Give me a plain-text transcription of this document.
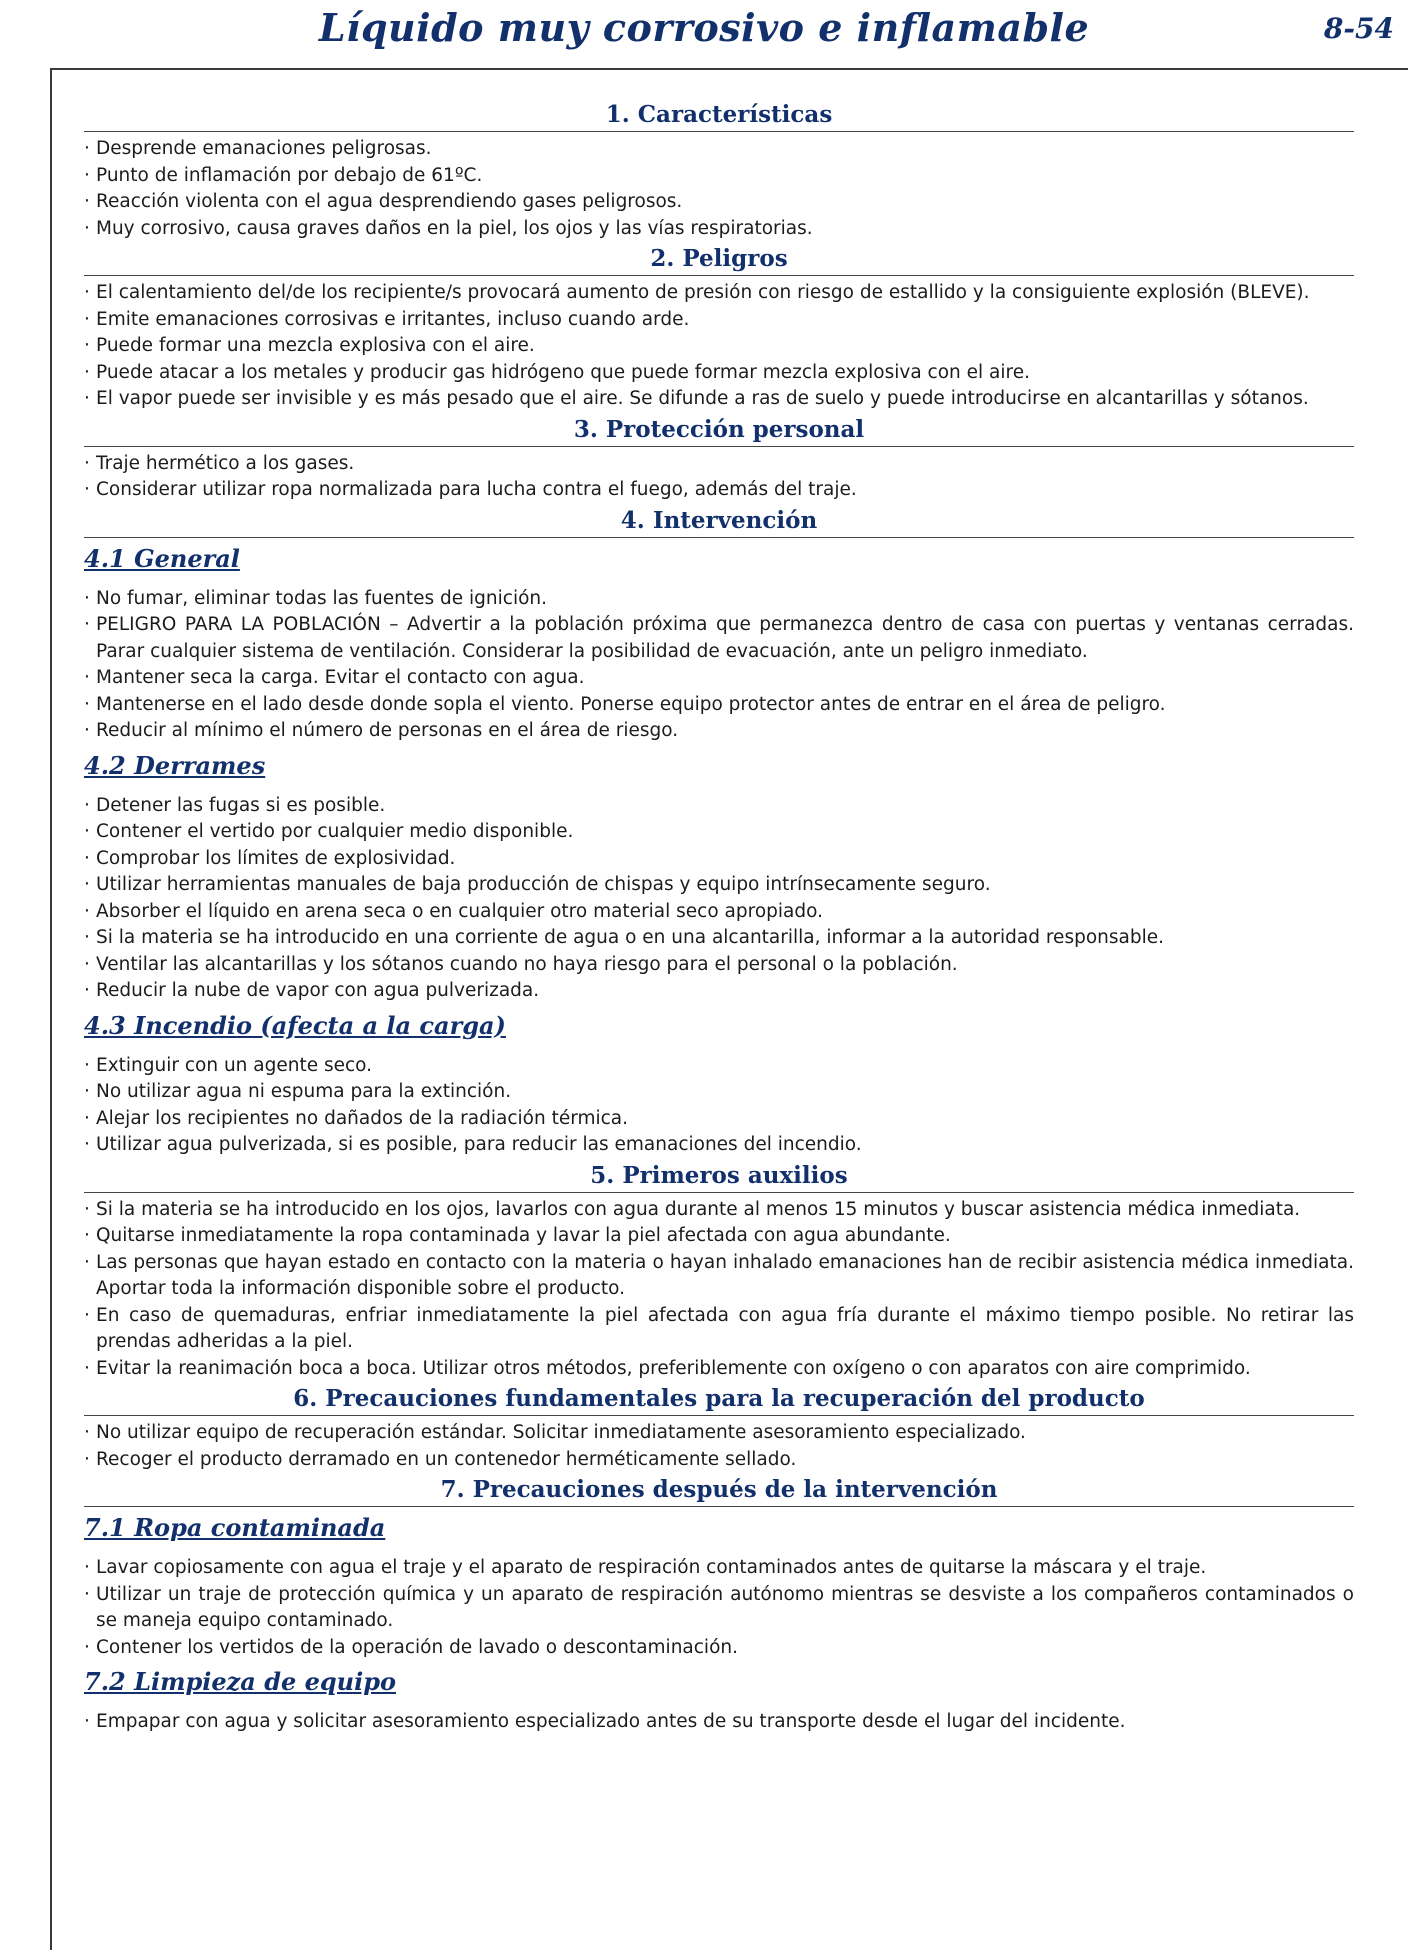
Líquido muy corrosivo e inflamable	8-54
1. Características
· Desprende emanaciones peligrosas.
· Punto de inflamación por debajo de 61ºC.
· Reacción violenta con el agua desprendiendo gases peligrosos.
· Muy corrosivo, causa graves daños en la piel, los ojos y las vías respiratorias.
2. Peligros
· El calentamiento del/de los recipiente/s provocará aumento de presión con riesgo de estallido y la consiguiente explosión (BLEVE).
· Emite emanaciones corrosivas e irritantes, incluso cuando arde.
· Puede formar una mezcla explosiva con el aire.
· Puede atacar a los metales y producir gas hidrógeno que puede formar mezcla explosiva con el aire.
· El vapor puede ser invisible y es más pesado que el aire. Se difunde a ras de suelo y puede introducirse en alcantarillas y sótanos.
3. Protección personal
· Traje hermético a los gases.
· Considerar utilizar ropa normalizada para lucha contra el fuego, además del traje.
4. Intervención
4.1 General
· No fumar, eliminar todas las fuentes de ignición.
· PELIGRO PARA LA POBLACIÓN – Advertir a la población próxima que permanezca dentro de casa con puertas y ventanas cerradas. Parar cualquier sistema de ventilación. Considerar la posibilidad de evacuación, ante un peligro inmediato.
· Mantener seca la carga. Evitar el contacto con agua.
· Mantenerse en el lado desde donde sopla el viento. Ponerse equipo protector antes de entrar en el área de peligro.
· Reducir al mínimo el número de personas en el área de riesgo.
4.2 Derrames
· Detener las fugas si es posible.
· Contener el vertido por cualquier medio disponible.
· Comprobar los límites de explosividad.
· Utilizar herramientas manuales de baja producción de chispas y equipo intrínsecamente seguro.
· Absorber el líquido en arena seca o en cualquier otro material seco apropiado.
· Si la materia se ha introducido en una corriente de agua o en una alcantarilla, informar a la autoridad responsable.
· Ventilar las alcantarillas y los sótanos cuando no haya riesgo para el personal o la población.
· Reducir la nube de vapor con agua pulverizada.
4.3 Incendio (afecta a la carga)
· Extinguir con un agente seco.
· No utilizar agua ni espuma para la extinción.
· Alejar los recipientes no dañados de la radiación térmica.
· Utilizar agua pulverizada, si es posible, para reducir las emanaciones del incendio.
5. Primeros auxilios
· Si la materia se ha introducido en los ojos, lavarlos con agua durante al menos 15 minutos y buscar asistencia médica inmediata.
· Quitarse inmediatamente la ropa contaminada y lavar la piel afectada con agua abundante.
· Las personas que hayan estado en contacto con la materia o hayan inhalado emanaciones han de recibir asistencia médica inmediata. Aportar toda la información disponible sobre el producto.
· En caso de quemaduras, enfriar inmediatamente la piel afectada con agua fría durante el máximo tiempo posible. No retirar las prendas adheridas a la piel.
· Evitar la reanimación boca a boca. Utilizar otros métodos, preferiblemente con oxígeno o con aparatos con aire comprimido.
6. Precauciones fundamentales para la recuperación del producto
· No utilizar equipo de recuperación estándar. Solicitar inmediatamente asesoramiento especializado.
· Recoger el producto derramado en un contenedor herméticamente sellado.
7. Precauciones después de la intervención
7.1 Ropa contaminada
· Lavar copiosamente con agua el traje y el aparato de respiración contaminados antes de quitarse la máscara y el traje.
· Utilizar un traje de protección química y un aparato de respiración autónomo mientras se desviste a los compañeros contaminados o se maneja equipo contaminado.
· Contener los vertidos de la operación de lavado o descontaminación.
7.2 Limpieza de equipo
· Empapar con agua y solicitar asesoramiento especializado antes de su transporte desde el lugar del incidente.
